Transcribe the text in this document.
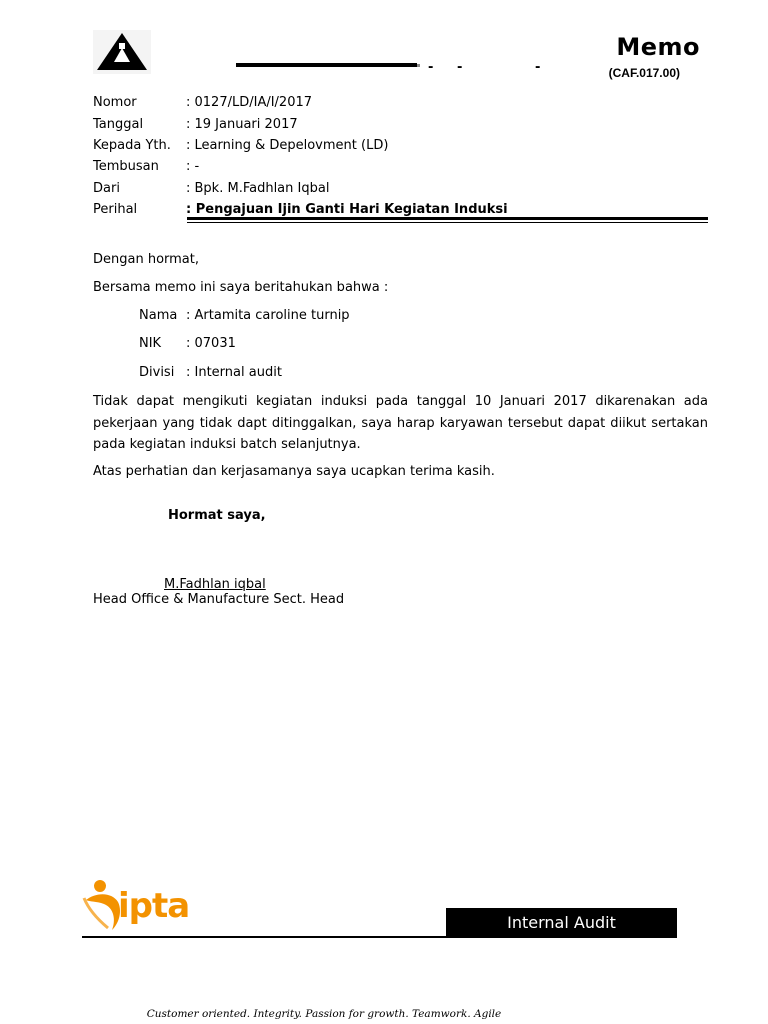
- -	-
Memo
(CAF.017.00)
Nomor	: 0127/LD/IA/I/2017
Tanggal	: 19 Januari 2017
Kepada Yth.	: Learning & Depelovment (LD)
Tembusan	: -
Dari	: Bpk. M.Fadhlan Iqbal
Perihal	: Pengajuan Ijin Ganti Hari Kegiatan Induksi
Dengan hormat,
Bersama memo ini saya beritahukan bahwa :
Nama : Artamita caroline turnip
NIK : 07031
Divisi : Internal audit
Tidak dapat mengikuti kegiatan induksi pada tanggal 10 Januari 2017 dikarenakan ada pekerjaan yang tidak dapt ditinggalkan, saya harap karyawan tersebut dapat diikut sertakan pada kegiatan induksi batch selanjutnya.
Atas perhatian dan kerjasamanya saya ucapkan terima kasih.
Hormat saya,
M.Fadhlan iqbal
Head Office & Manufacture Sect. Head
ipta	Internal Audit
Customer oriented. Integrity. Passion for growth. Teamwork. Agile
